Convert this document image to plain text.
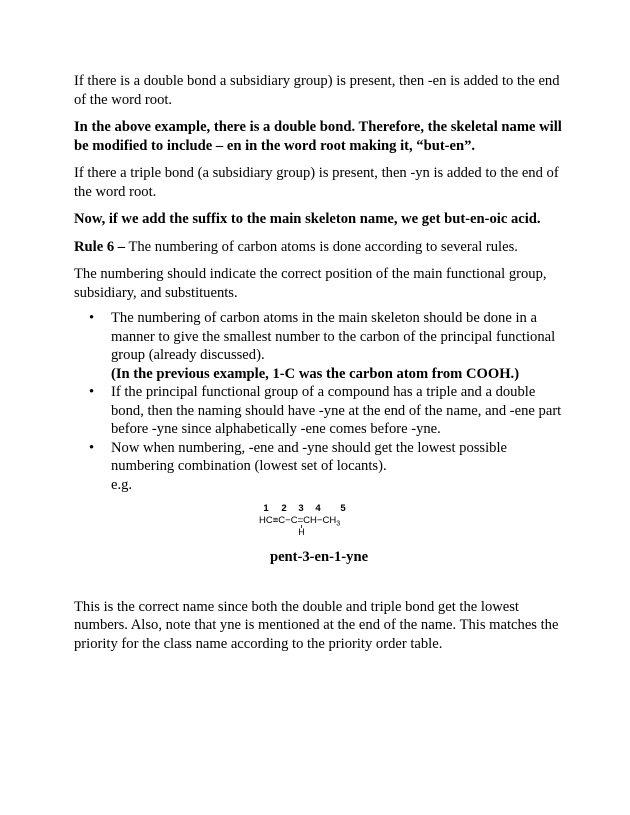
If there is a double bond a subsidiary group) is present, then -en is added to the end of the word root.

In the above example, there is a double bond. Therefore, the skeletal name will be modified to include – en in the word root making it, “but-en”.

If there a triple bond (a subsidiary group) is present, then -yn is added to the end of the word root.

Now, if we add the suffix to the main skeleton name, we get but-en-oic acid.

Rule 6 – The numbering of carbon atoms is done according to several rules.

The numbering should indicate the correct position of the main functional group, subsidiary, and substituents.

• The numbering of carbon atoms in the main skeleton should be done in a manner to give the smallest number to the carbon of the principal functional group (already discussed).
(In the previous example, 1-C was the carbon atom from COOH.)
• If the principal functional group of a compound has a triple and a double bond, then the naming should have -yne at the end of the name, and -ene part before -yne since alphabetically -ene comes before -yne.
• Now when numbering, -ene and -yne should get the lowest possible numbering combination (lowest set of locants).
e.g.
1 2 3 4 5
$HC\equiv C-C=CH-CH_3$
H
pent-3-en-1-yne

This is the correct name since both the double and triple bond get the lowest numbers. Also, note that yne is mentioned at the end of the name. This matches the priority for the class name according to the priority order table.
